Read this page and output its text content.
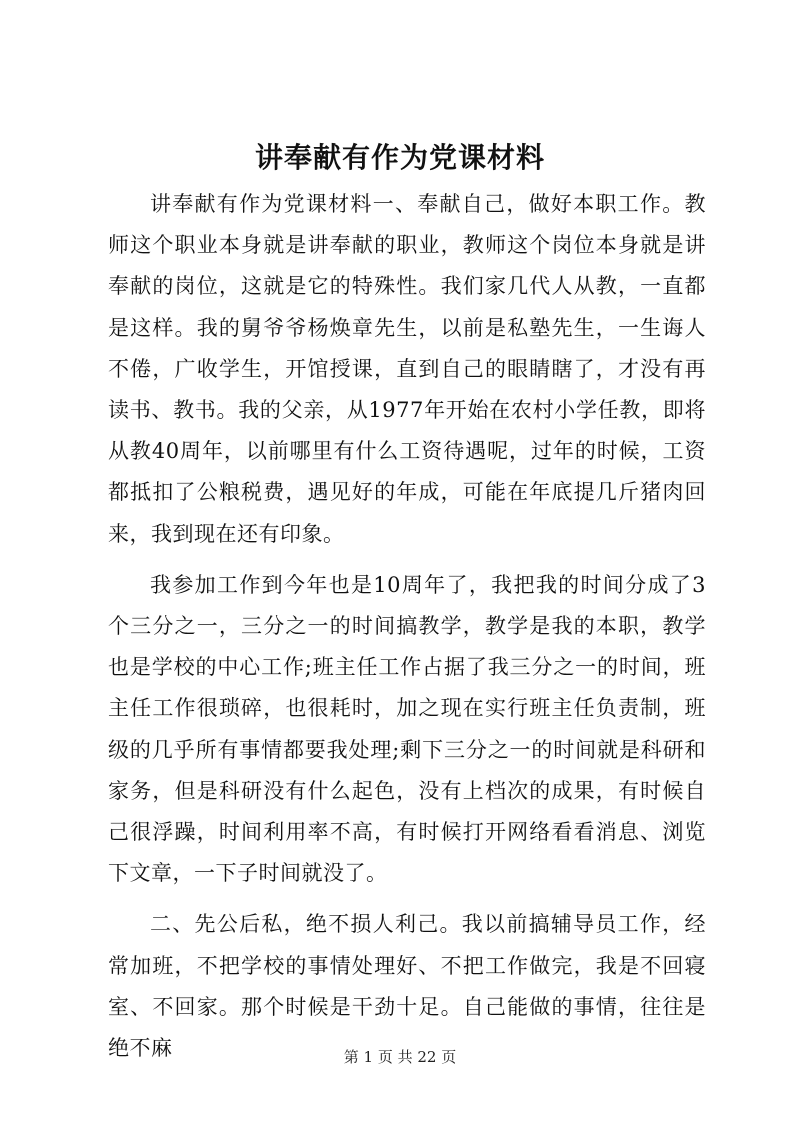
讲奉献有作为党课材料

讲奉献有作为党课材料一、奉献自己，做好本职工作。教师这个职业本身就是讲奉献的职业，教师这个岗位本身就是讲奉献的岗位，这就是它的特殊性。我们家几代人从教，一直都是这样。我的舅爷爷杨焕章先生，以前是私塾先生，一生诲人不倦，广收学生，开馆授课，直到自己的眼睛瞎了，才没有再读书、教书。我的父亲，从1977年开始在农村小学任教，即将从教40周年，以前哪里有什么工资待遇呢，过年的时候，工资都抵扣了公粮税费，遇见好的年成，可能在年底提几斤猪肉回来，我到现在还有印象。

我参加工作到今年也是10周年了，我把我的时间分成了3个三分之一，三分之一的时间搞教学，教学是我的本职，教学也是学校的中心工作;班主任工作占据了我三分之一的时间，班主任工作很琐碎，也很耗时，加之现在实行班主任负责制，班级的几乎所有事情都要我处理;剩下三分之一的时间就是科研和家务，但是科研没有什么起色，没有上档次的成果，有时候自己很浮躁，时间利用率不高，有时候打开网络看看消息、浏览下文章，一下子时间就没了。

二、先公后私，绝不损人利己。我以前搞辅导员工作，经常加班，不把学校的事情处理好、不把工作做完，我是不回寝室、不回家。那个时候是干劲十足。自己能做的事情，往往是绝不麻	第 1 页 共 22 页
